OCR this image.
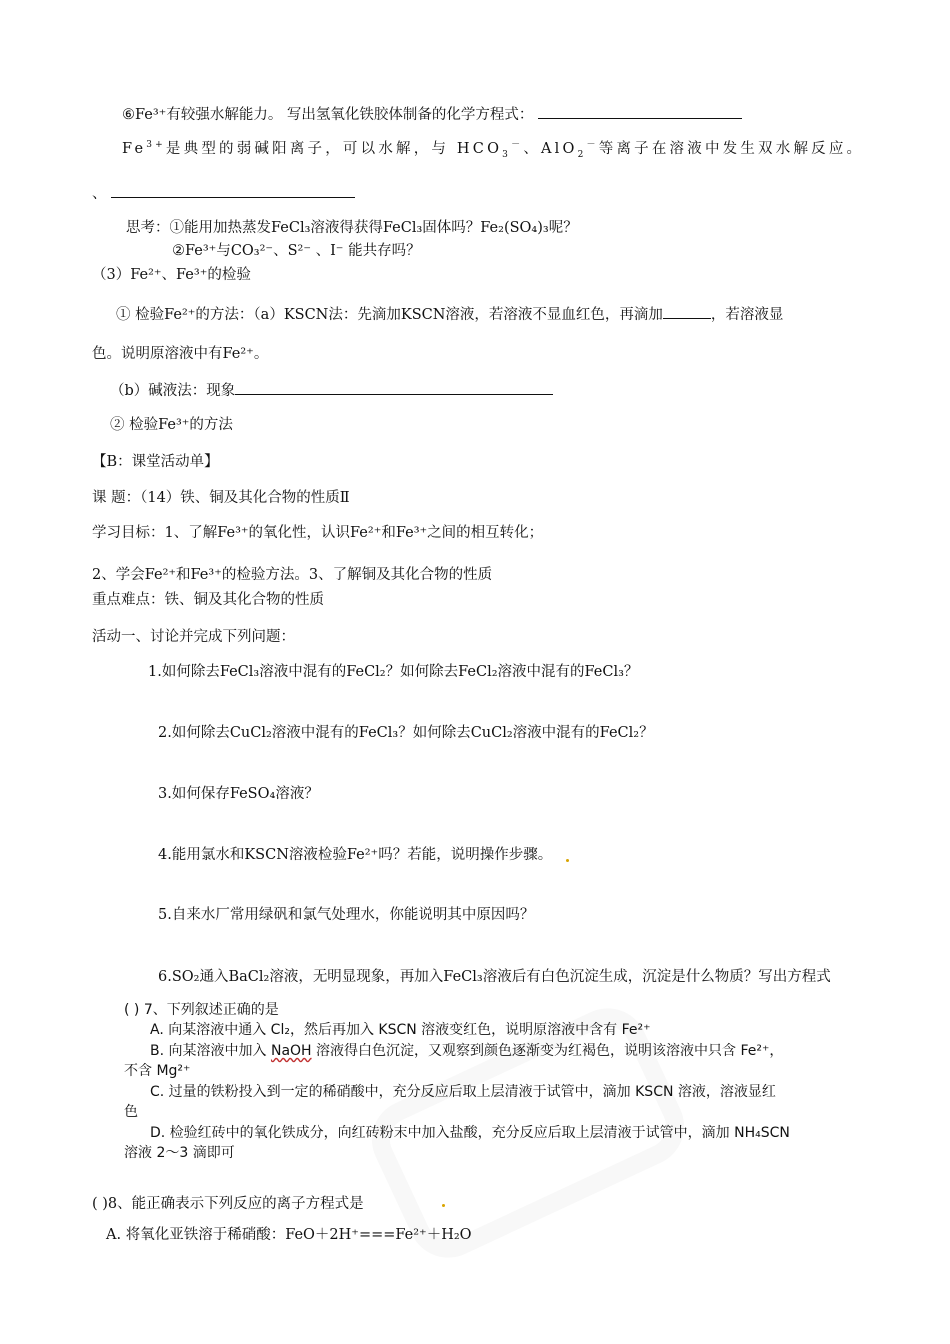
⑥Fe³⁺有较强水解能力。 写出氢氧化铁胶体制备的化学方程式：
$Fe^{3+}$是典型的弱碱阳离子，可以水解，与 $HCO_3^-$、AlO$_2$－等离子在溶液中发生双水解反应。
、
思考：①能用加热蒸发FeCl₃溶液得获得FeCl₃固体吗？Fe₂(SO₄)₃呢？
②Fe³⁺与CO₃²⁻、S²⁻ 、I⁻ 能共存吗？
（3）Fe²⁺、Fe³⁺的检验
① 检验Fe²⁺的方法：（a）KSCN法：先滴加KSCN溶液，若溶液不显血红色，再滴加	，若溶液显
色。说明原溶液中有Fe²⁺。
（b）碱液法：现象
② 检验Fe³⁺的方法
【B：课堂活动单】
课 题：（14）铁、铜及其化合物的性质Ⅱ
学习目标：1、了解Fe³⁺的氧化性，认识Fe²⁺和Fe³⁺之间的相互转化；
2、学会Fe²⁺和Fe³⁺的检验方法。3、了解铜及其化合物的性质
重点难点：铁、铜及其化合物的性质
活动一、讨论并完成下列问题：
1.如何除去FeCl₃溶液中混有的FeCl₂？如何除去FeCl₂溶液中混有的FeCl₃？
2.如何除去CuCl₂溶液中混有的FeCl₃？如何除去CuCl₂溶液中混有的FeCl₂？
3.如何保存FeSO₄溶液？
4.能用氯水和KSCN溶液检验Fe²⁺吗？若能，说明操作步骤。
5.自来水厂常用绿矾和氯气处理水，你能说明其中原因吗？
6.SO₂通入BaCl₂溶液，无明显现象，再加入FeCl₃溶液后有白色沉淀生成，沉淀是什么物质？写出方程式
( ) 7、下列叙述正确的是
A. 向某溶液中通入 Cl₂，然后再加入 KSCN 溶液变红色，说明原溶液中含有 Fe²⁺
B. 向某溶液中加入 NaOH 溶液得白色沉淀，又观察到颜色逐渐变为红褐色，说明该溶液中只含 Fe²⁺，
不含 Mg²⁺
C. 过量的铁粉投入到一定的稀硝酸中，充分反应后取上层清液于试管中，滴加 KSCN 溶液，溶液显红
色
D. 检验红砖中的氧化铁成分，向红砖粉末中加入盐酸，充分反应后取上层清液于试管中，滴加 NH₄SCN
溶液 2～3 滴即可
( )8、能正确表示下列反应的离子方程式是
A. 将氧化亚铁溶于稀硝酸：FeO＋2H⁺===Fe²⁺＋H₂O
